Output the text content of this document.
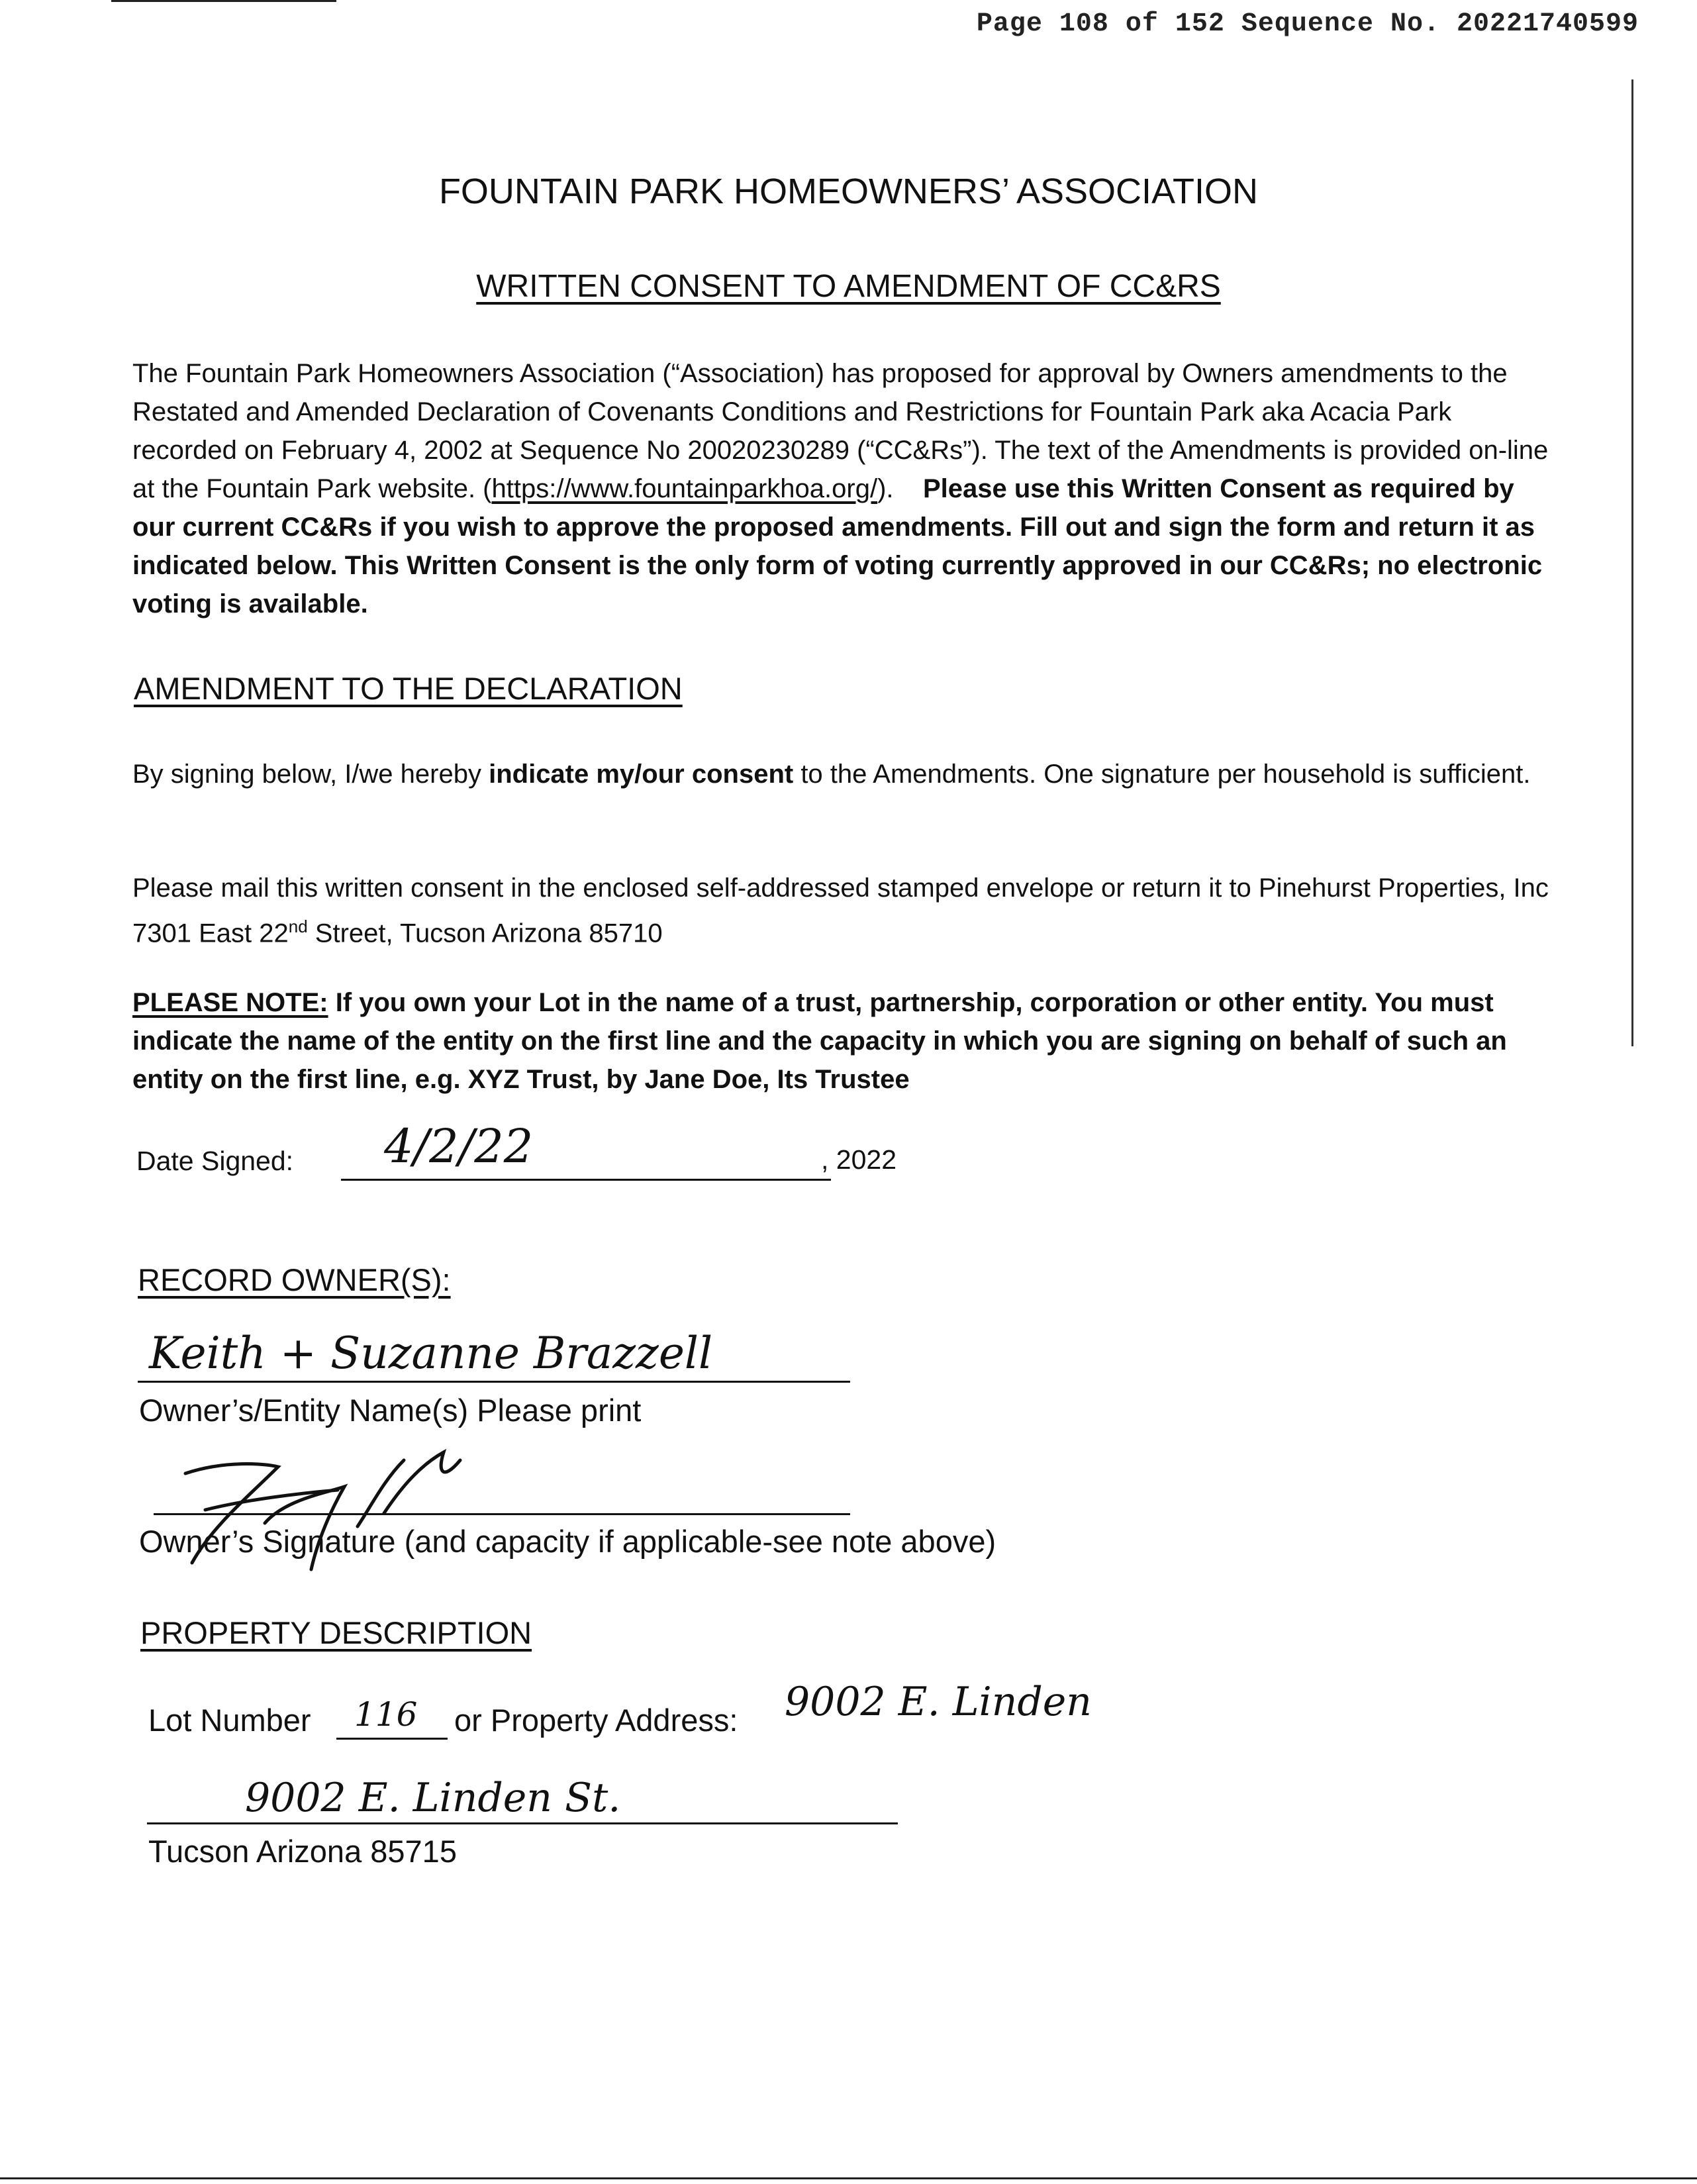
Page 108 of 152 Sequence No. 20221740599
FOUNTAIN PARK HOMEOWNERS’ ASSOCIATION
WRITTEN CONSENT TO AMENDMENT OF CC&RS
The Fountain Park Homeowners Association (“Association) has proposed for approval by Owners amendments to the Restated and Amended Declaration of Covenants Conditions and Restrictions for Fountain Park aka Acacia Park recorded on February 4, 2002 at Sequence No 20020230289 (“CC&Rs”). The text of the Amendments is provided on-line at the Fountain Park website. (https://www.fountainparkhoa.org/). Please use this Written Consent as required by our current CC&Rs if you wish to approve the proposed amendments. Fill out and sign the form and return it as indicated below. This Written Consent is the only form of voting currently approved in our CC&Rs; no electronic voting is available.
AMENDMENT TO THE DECLARATION
By signing below, I/we hereby indicate my/our consent to the Amendments. One signature per household is sufficient.
Please mail this written consent in the enclosed self-addressed stamped envelope or return it to Pinehurst Properties, Inc 7301 East 22nd Street, Tucson Arizona 85710
PLEASE NOTE: If you own your Lot in the name of a trust, partnership, corporation or other entity. You must indicate the name of the entity on the first line and the capacity in which you are signing on behalf of such an entity on the first line, e.g. XYZ Trust, by Jane Doe, Its Trustee
Date Signed: 4/2/22	, 2022
RECORD OWNER(S):
Keith + Suzanne Brazzell
Owner’s/Entity Name(s) Please print
Owner’s Signature (and capacity if applicable-see note above)
PROPERTY DESCRIPTION
Lot Number 116 or Property Address: 9002 E. Linden
9002 E. Linden St.
Tucson Arizona 85715
